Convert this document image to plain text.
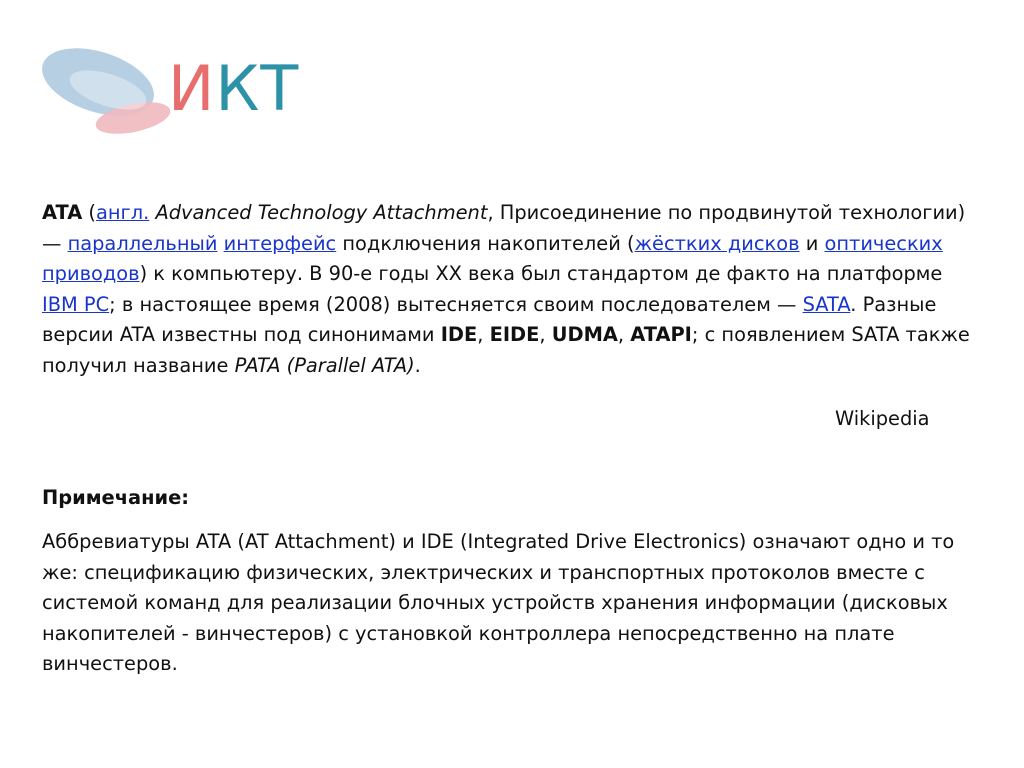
ИКТ
ATA (англ. Advanced Technology Attachment, Присоединение по продвинутой технологии) — параллельный интерфейс подключения накопителей (жёстких дисков и оптических приводов) к компьютеру. В 90-е годы XX века был стандартом де факто на платформе IBM PC; в настоящее время (2008) вытесняется своим последователем — SATA. Разные версии ATA известны под синонимами IDE, EIDE, UDMA, ATAPI; с появлением SATA также получил название PATA (Parallel ATA).
Wikipedia
Примечание:
Аббревиатуры ATA (AT Attachment) и IDE (Integrated Drive Electronics) означают одно и то же: спецификацию физических, электрических и транспортных протоколов вместе с системой команд для реализации блочных устройств хранения информации (дисковых накопителей - винчестеров) с установкой контроллера непосредственно на плате винчестеров.
